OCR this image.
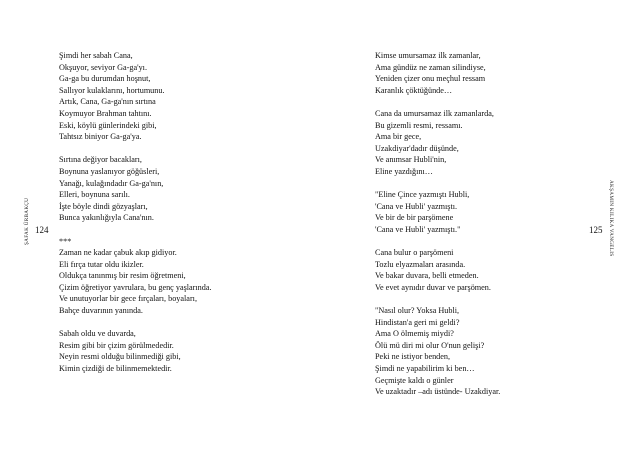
ŞAFAK ÜRBAKÇU 124
Şimdi her sabah Cana,
Okşuyor, seviyor Ga-ga'yı.
Ga-ga bu durumdan hoşnut,
Sallıyor kulaklarını, hortumunu.
Artık, Cana, Ga-ga'nın sırtına
Koymuyor Brahman tahtını.
Eski, köylü günlerindeki gibi,
Tahtsız biniyor Ga-ga'ya.
Sırtına değiyor bacakları,
Boynuna yaslanıyor göğüsleri,
Yanağı, kulağındadır Ga-ga'nın,
Elleri, boynuna sarılı.
İşte böyle dindi gözyaşları,
Bunca yakınlığıyla Cana'nın.
***
Zaman ne kadar çabuk akıp gidiyor.
Eli fırça tutar oldu ikizler.
Oldukça tanınmış bir resim öğretmeni,
Çizim öğretiyor yavrulara, bu genç yaşlarında.
Ve unutuyorlar bir gece fırçaları, boyaları,
Bahçe duvarının yanında.
Sabah oldu ve duvarda,
Resim gibi bir çizim görülmededir.
Neyin resmi olduğu bilinmediği gibi,
Kimin çizdiği de bilinmemektedir.
AKŞAMIN KILIKA VANGELIS
125
Kimse umursamaz ilk zamanlar,
Ama gündüz ne zaman silindiyse,
Yeniden çizer onu meçhul ressam
Karanlık çöktüğünde…
Cana da umursamaz ilk zamanlarda,
Bu gizemli resmi, ressamı.
Ama bir gece,
Uzakdiyar'dadır düşünde,
Ve anımsar Hubli'nin,
Eline yazdığını…
"Eline Çince yazmıştı Hubli,
'Cana ve Hubli' yazmıştı.
Ve bir de bir parşömene
'Cana ve Hubli' yazmıştı."
Cana bulur o parşömeni
Tozlu elyazmaları arasında.
Ve bakar duvara, belli etmeden.
Ve evet aynıdır duvar ve parşömen.
"Nasıl olur? Yoksa Hubli,
Hindistan'a geri mi geldi?
Ama O ölmemiş miydi?
Ölü mü diri mi olur O'nun gelişi?
Peki ne istiyor benden,
Şimdi ne yapabilirim ki ben…
Geçmişte kaldı o günler
Ve uzaktadır –adı üstünde- Uzakdiyar.
